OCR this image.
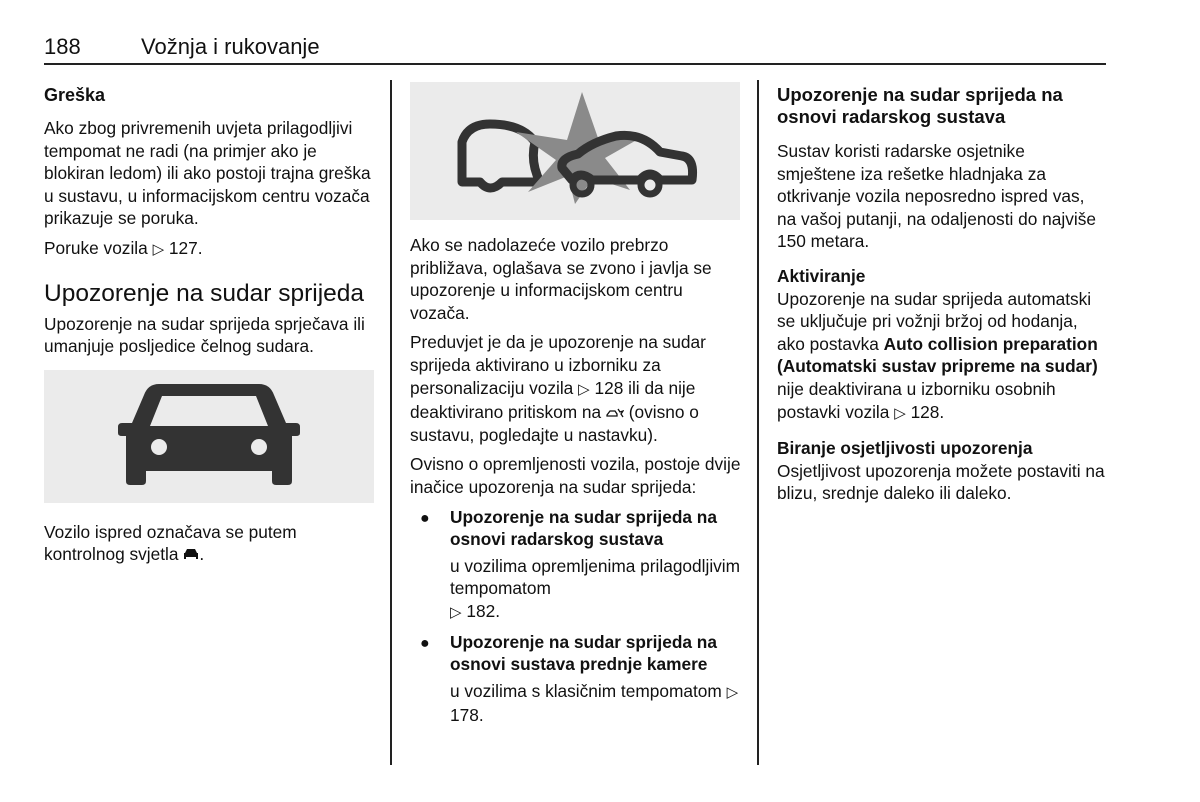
188	Vožnja i rukovanje
Greška

Ako zbog privremenih uvjeta prilagodljivi tempomat ne radi (na primjer ako je blokiran ledom) ili ako postoji trajna greška u sustavu, u informacijskom centru vozača prikazuje se poruka.

Poruke vozila ▷ 127.

Upozorenje na sudar sprijeda

Upozorenje na sudar sprijeda sprječava ili umanjuje posljedice čelnog sudara.

Vozilo ispred označava se putem kontrolnog svjetla .

Ako se nadolazeće vozilo prebrzo približava, oglašava se zvono i javlja se upozorenje u informacijskom centru vozača.

Preduvjet je da je upozorenje na sudar sprijeda aktivirano u izborniku za personalizaciju vozila ▷ 128 ili da nije deaktivirano pritiskom na (ovisno o sustavu, pogledajte u nastavku).

Ovisno o opremljenosti vozila, postoje dvije inačice upozorenja na sudar sprijeda:

● Upozorenje na sudar sprijeda na osnovi radarskog sustava
u vozilima opremljenima prilagodljivim tempomatom
▷ 182.
● Upozorenje na sudar sprijeda na osnovi sustava prednje kamere
u vozilima s klasičnim tempomatom ▷ 178.
Upozorenje na sudar sprijeda na osnovi radarskog sustava

Sustav koristi radarske osjetnike smještene iza rešetke hladnjaka za otkrivanje vozila neposredno ispred vas, na vašoj putanji, na odaljenosti do najviše 150 metara.

Aktiviranje

Upozorenje na sudar sprijeda automatski se uključuje pri vožnji bržoj od hodanja, ako postavka Auto collision preparation (Automatski sustav pripreme na sudar) nije deaktivirana u izborniku osobnih postavki vozila ▷ 128.

Biranje osjetljivosti upozorenja

Osjetljivost upozorenja možete postaviti na blizu, srednje daleko ili daleko.
